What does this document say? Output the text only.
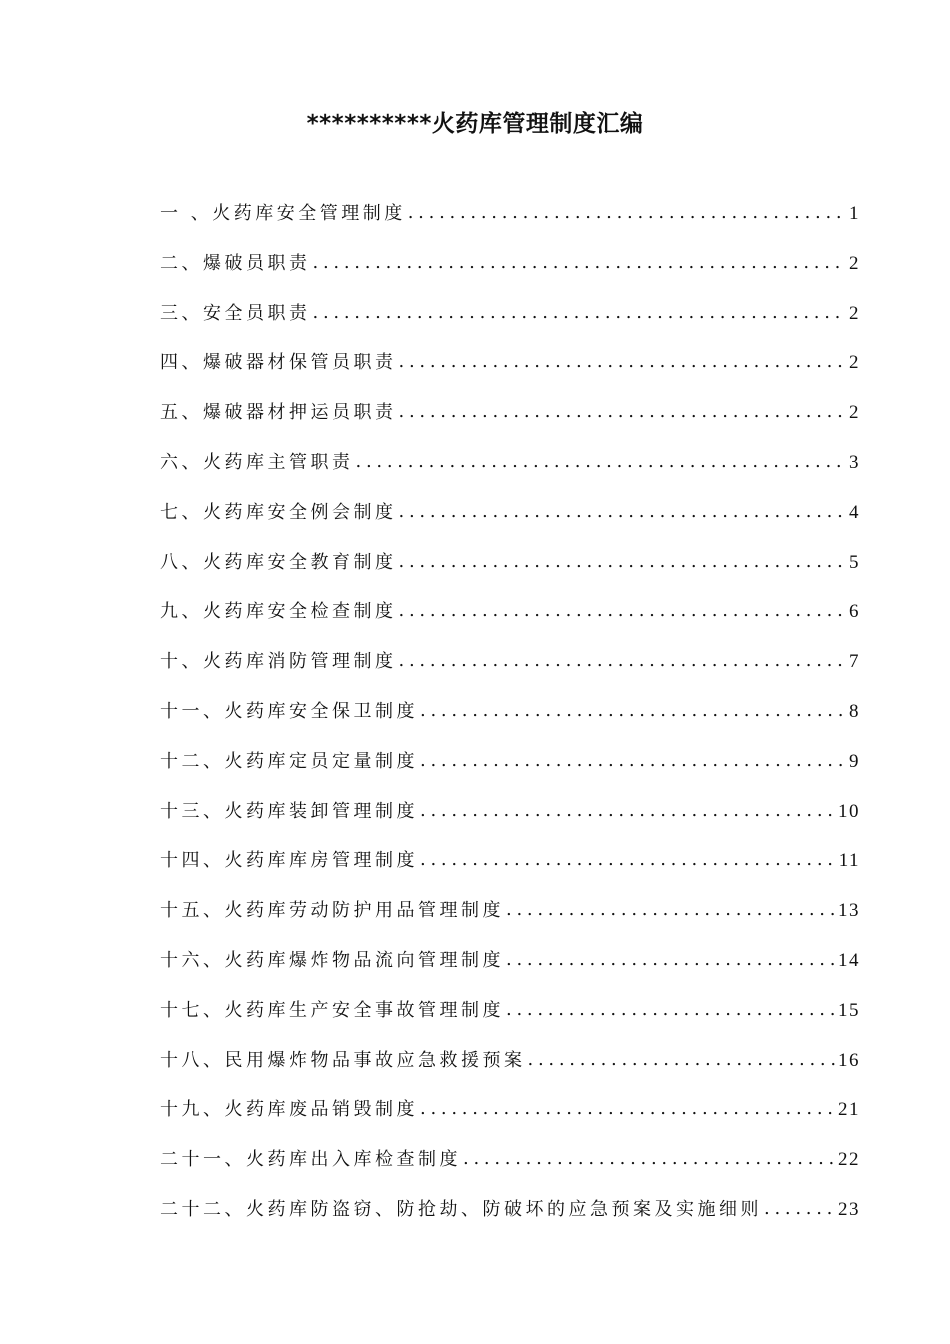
**********火药库管理制度汇编
一 、火药库安全管理制度 . . .	1
二、爆破员职责 . . .	2
三、安全员职责 . . .	2
四、爆破器材保管员职责 . . .	2
五、爆破器材押运员职责 . . .	2
六、火药库主管职责 . . .	3
七、火药库安全例会制度 . . .	4
八、火药库安全教育制度 . . .	5
九、火药库安全检查制度 . . .	6
十、火药库消防管理制度 . . .	7
十一、火药库安全保卫制度 . . .	8
十二、火药库定员定量制度 . . .	9
十三、火药库装卸管理制度 . . .	10
十四、火药库库房管理制度 . . .	11
十五、火药库劳动防护用品管理制度 . . .	13
十六、火药库爆炸物品流向管理制度 . . .	14
十七、火药库生产安全事故管理制度 . . .	15
十八、民用爆炸物品事故应急救援预案 . . .	16
十九、火药库废品销毁制度 . . .	21
二十一、火药库出入库检查制度 . . .	22
二十二、火药库防盗窃、防抢劫、防破坏的应急预案及实施细则 . . .	23
